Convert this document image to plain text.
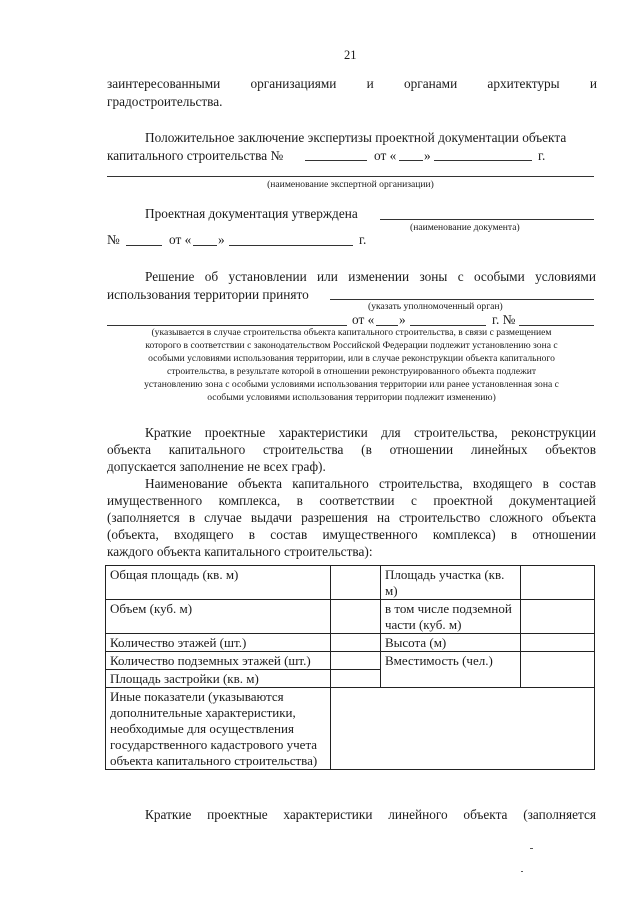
21
заинтересованными организациями и органами архитектуры и
градостроительства.
Положительное заключение экспертизы проектной документации объекта
капитального строительства №	от « »	г.
(наименование экспертной организации)
Проектная документация утверждена
(наименование документа)
№	от « »	г.
Решение об установлении или изменении зоны с особыми условиями
использования территории принято
(указать уполномоченный орган)
от « »	г. №
(указывается в случае строительства объекта капитального строительства, в связи с размещением
которого в соответствии с законодательством Российской Федерации подлежит установлению зона с
особыми условиями использования территории, или в случае реконструкции объекта капитального
строительства, в результате которой в отношении реконструированного объекта подлежит
установлению зона с особыми условиями использования территории или ранее установленная зона с
особыми условиями использования территории подлежит изменению)
Краткие проектные характеристики для строительства, реконструкции
объекта капитального строительства (в отношении линейных объектов
допускается заполнение не всех граф).
Наименование объекта капитального строительства, входящего в состав
имущественного комплекса, в соответствии с проектной документацией
(заполняется в случае выдачи разрешения на строительство сложного объекта
(объекта, входящего в состав имущественного комплекса) в отношении
каждого объекта капитального строительства):
Общая площадь (кв. м)		Площадь участка (кв. м)	
Объем (куб. м)		в том числе подземной части (куб. м)	
Количество этажей (шт.)		Высота (м)	
Количество подземных этажей (шт.)		Вместимость (чел.)	
Площадь застройки (кв. м)			
Иные показатели (указываются дополнительные характеристики, необходимые для осуществления государственного кадастрового учета объекта капитального строительства)			
Краткие проектные характеристики линейного объекта (заполняется
